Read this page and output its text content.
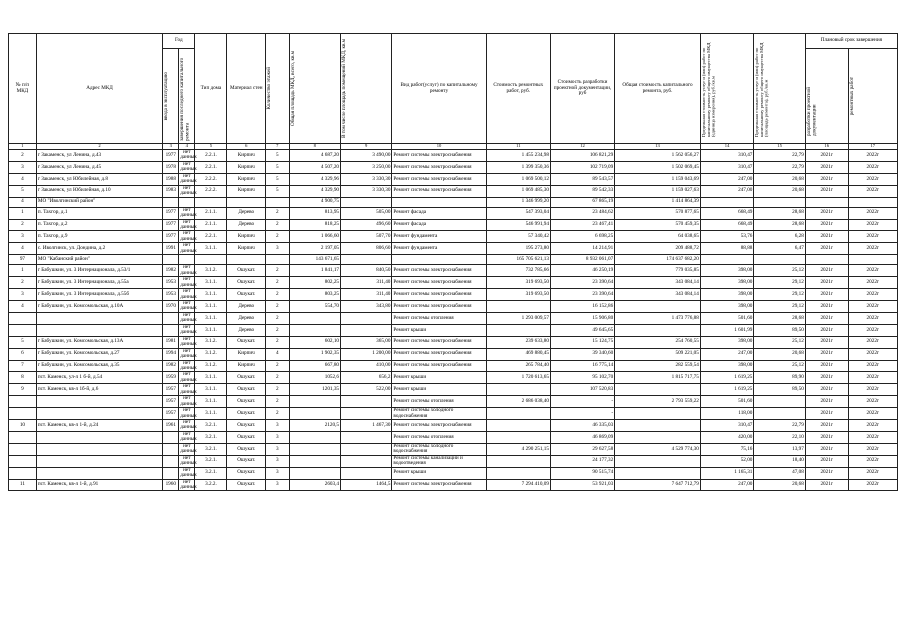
№ п/п МКД	Адрес МКД	Год		Тип дома	Материал стен	Количество этажей	Общая площадь МКД, всего, кв.м	В том числе площадь помещений МКД, кв.м	Вид работ(услуг) по капитальному ремонту	Стоимость ремонтных работ, руб.	Стоимость разработки проектной документации, руб	Общая стоимость капитального ремонта, руб.	Предельная стоимость услуг и (или) работ по капитальному ремонту общего имущества МКД (единица измерения), руб./кв.м	Предельная стоимость услуг и (или) работ по капитальному ремонту общего имущества МКД (площадь ремонта), руб./кв.м	Плановый срок завершения	

		ввода в эксплуатацию	завершения последнего капитального ремонта												разработки проектной документации	ремонтных работ

1	2	3	4	5	6	7	8	9	10	11	12	13	14	15	16	17
2	г Закаменск, ул Ленина, д.43	1977	нет данных	2.2.1.	Кирпич	5	4 687,20	3 490,00	Ремонт системы электроснабжения	1 455 234,98	106 821,29	1 562 056,27	310,47	22,79	2021г	2022г
3	г Закаменск, ул Ленина, д.45	1978	нет данных	2.2.1.	Кирпич	5	4 507,20	3 250,00	Ремонт системы электроснабжения	1 399 350,36	102 719,09	1 502 069,45	310,47	22,79	2021г	2022г
4	г Закаменск, ул Юбилейная, д.8	1988	нет данных	2.2.2.	Кирпич	5	4 329,96	3 330,30	Ремонт системы электроснабжения	1 069 500,12	89 543,57	1 159 043,69	247,00	20,68	2021г	2022г
5	г Закаменск, ул Юбилейная, д.10	1983	нет данных	2.2.2.	Кирпич	5	4 329,90	3 330,30	Ремонт системы электроснабжения	1 069 485,30	89 542,33	1 159 027,63	247,00	20,68	2021г	2022г
4	МО "Иволгинский район"						4 900,75			1 346 999,20	67 865,19	1 414 864,39				
1	п. Тахгор, д.1	1977	нет данных	2.1.1.	Дерево	2	813,95	505,00	Ремонт фасада	547 393,04	23 484,62	570 877,65	668,49	28,68	2021г	2022г
2	п. Тахгор, д.2	1977	нет данных	2.1.1.	Дерево	2	818,25	496,60	Ремонт фасада	546 991,94	23 467,41	570 459,35	668,49	28,68	2021г	2022г
3	п. Тахгор, д.9	1977	нет данных	2.2.1.	Кирпич	2	1 066,60	507,70	Ремонт фундамента	57 340,42	6 698,25	64 038,65	53,76	6,28	2021г	2022г
4	с. Иволгинск, ул. Дондина, д.2	1991	нет данных	3.1.1.	Кирпич	3	2 197,05	806,60	Ремонт фундамента	195 273,80	14 214,91	209 488,72	88,88	6,47	2021г	2022г
97	МО "Кабанский район"						143 671,65			165 705 621,13	8 932 061,07	174 637 682,20				
1	г Бабушкин, ул. 3 Интернационала, д.53/1	1982	нет данных	3.1.2.	Ошукат.	2	1 841,17	840,50	Ремонт системы электроснабжения	732 785,66	46 250,19	779 035,85	398,00	25,12	2021г	2022г
2	г Бабушкин, ул. 3 Интернационала, д.55а	1953	нет данных	3.1.1.	Ошукат.	2	802,25	311,40	Ремонт системы электроснабжения	319 693,50	23 390,64	343 084,14	398,00	29,12	2021г	2022г
3	г Бабушкин, ул. 3 Интернационала, д.55б	1953	нет данных	3.1.1.	Ошукат.	2	803,25	311,40	Ремонт системы электроснабжения	319 693,50	23 390,64	343 084,14	398,00	29,12	2021г	2022г
4	г Бабушкин, ул. Комсомольская, д.10А	1970	нет данных	3.1.1.	Дерево	2	554,70	343,80	Ремонт системы электроснабжения		16 152,86		398,00	29,12	2021г	2022г
			нет данных	3.1.1.	Дерево	2			Ремонт системы отопления	1 293 009,57	15 906,80	1 473 776,88	501,60	28,68	2021г	2022г
			нет данных	3.1.1.	Дерево	2			Ремонт крыши		49 645,65		1 601,99	89,50	2021г	2022г
5	г Бабушкин, ул. Комсомольская, д.13А	1981	нет данных	3.1.2.	Ошукат.	2	602,10	365,00	Ремонт системы электроснабжения	239 633,80	15 124,75	254 760,55	398,00	25,12	2021г	2022г
6	г Бабушкин, ул. Комсомольская, д.27	1994	нет данных	3.1.2.	Кирпич	4	1 902,35	1 200,00	Ремонт системы электроснабжения	469 880,45	39 340,60	509 221,05	247,00	20,68	2021г	2022г
7	г Бабушкин, ул. Комсомольская, д.35	1982	нет данных	3.1.2.	Кирпич	2	667,80	410,00	Ремонт системы электроснабжения	265 784,40	16 775,14	282 559,54	398,00	25,12	2021г	2022г
8	пст. Каменск, ул-л 1 б-й, д.54	1959	нет данных	3.1.1.	Ошукат.	2	1052,6	656,2	Ремонт крыши	1 720 613,65	95 102,70	1 815 717,75	1 619,25	89,90	2021г	2022г
9	пст. Каменск, кв-л 1б-й, д.6	1957	нет данных	3.1.1.	Ошукат.	2	1201,35	522,00	Ремонт крыши		107 520,83		1 619,25	89,50	2021г	2022г
		1957	нет данных	3.1.1.	Ошукат.	2			Ремонт системы отопления	2 686 038,40	-	2 793 559,22	501,60		2021г	2022г
		1957	нет данных	3.1.1.	Ошукат.	2			Ремонт системы холодного водоснабжения		-		118,00		2021г	2022г
10	пст. Каменск, кв-л 1-й, д.24	1961	нет данных	3.2.1.	Ошукат.	3	2120,5	1 467,30	Ремонт системы электроснабжения		46 335,03		310,47	22,79	2021г	2022г
			нет данных	3.2.1.	Ошукат.	3			Ремонт системы отопления		46 869,09		420,00	22,10	2021г	2022г
			нет данных	3.2.1.	Ошукат.	3			Ремонт системы холодного водоснабжения	4 290 251,15	29 627,58	4 529 774,30	75,16	13,97	2021г	2022г
			нет данных	3.2.1.	Ошукат.	3			Ремонт системы канализации и водоотведения		24 177,32		52,00	18,40	2021г	2022г
			нет данных	3.2.1.	Ошукат.	3			Ремонт крыши		90 515,74		1 165,31	47,08	2021г	2022г
11	пст. Каменск, кв-л 1-й, д.91	1960	нет данных	3.2.2.	Ошукат.	3	2603,4	1464,5	Ремонт системы электроснабжения	7 294 410,09	53 921,03	7 647 712,79	247,00	20,68	2021г	2022г
